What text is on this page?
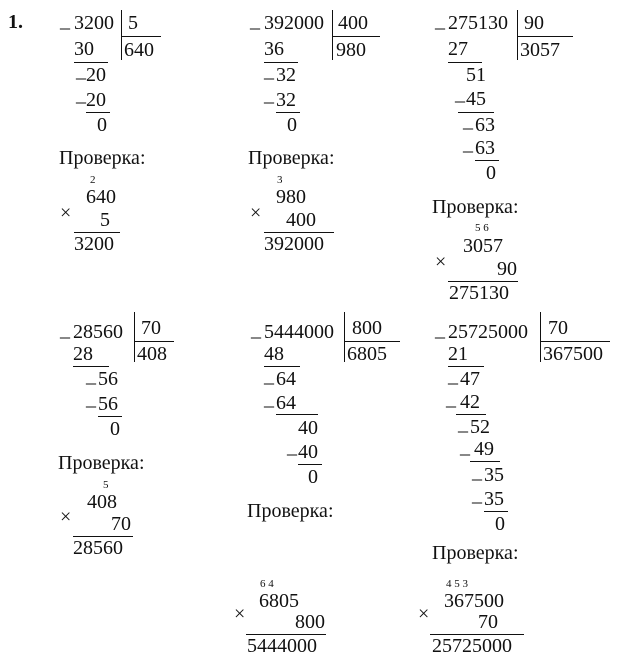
1. _ 3200 5
640
30
_ 20
_ 20
0
Проверка:
2
640
× 5
3200
_ 392000 400
980
36
_ 32
_ 32
0
Проверка:
3
980
× 400
392000
_ 275130 90
3057
27
51
_ 45
_ 63
_ 63
0
Проверка:
5 6
3057
×	90
275130
_ 28560 70
408
28
_ 56
_ 56
0
Проверка:
5
408
× 70
28560
_ 5444000 800
6805
48
_ 64
_ 64
40
_ 40
0
Проверка:
6 4
6805
× 800
5444000
_ 25725000 70
367500
21
_ 47
_ 42
_ 52
_ 49
_ 35
_ 35
0
Проверка:
4 5 3
367500
× 70
25725000
